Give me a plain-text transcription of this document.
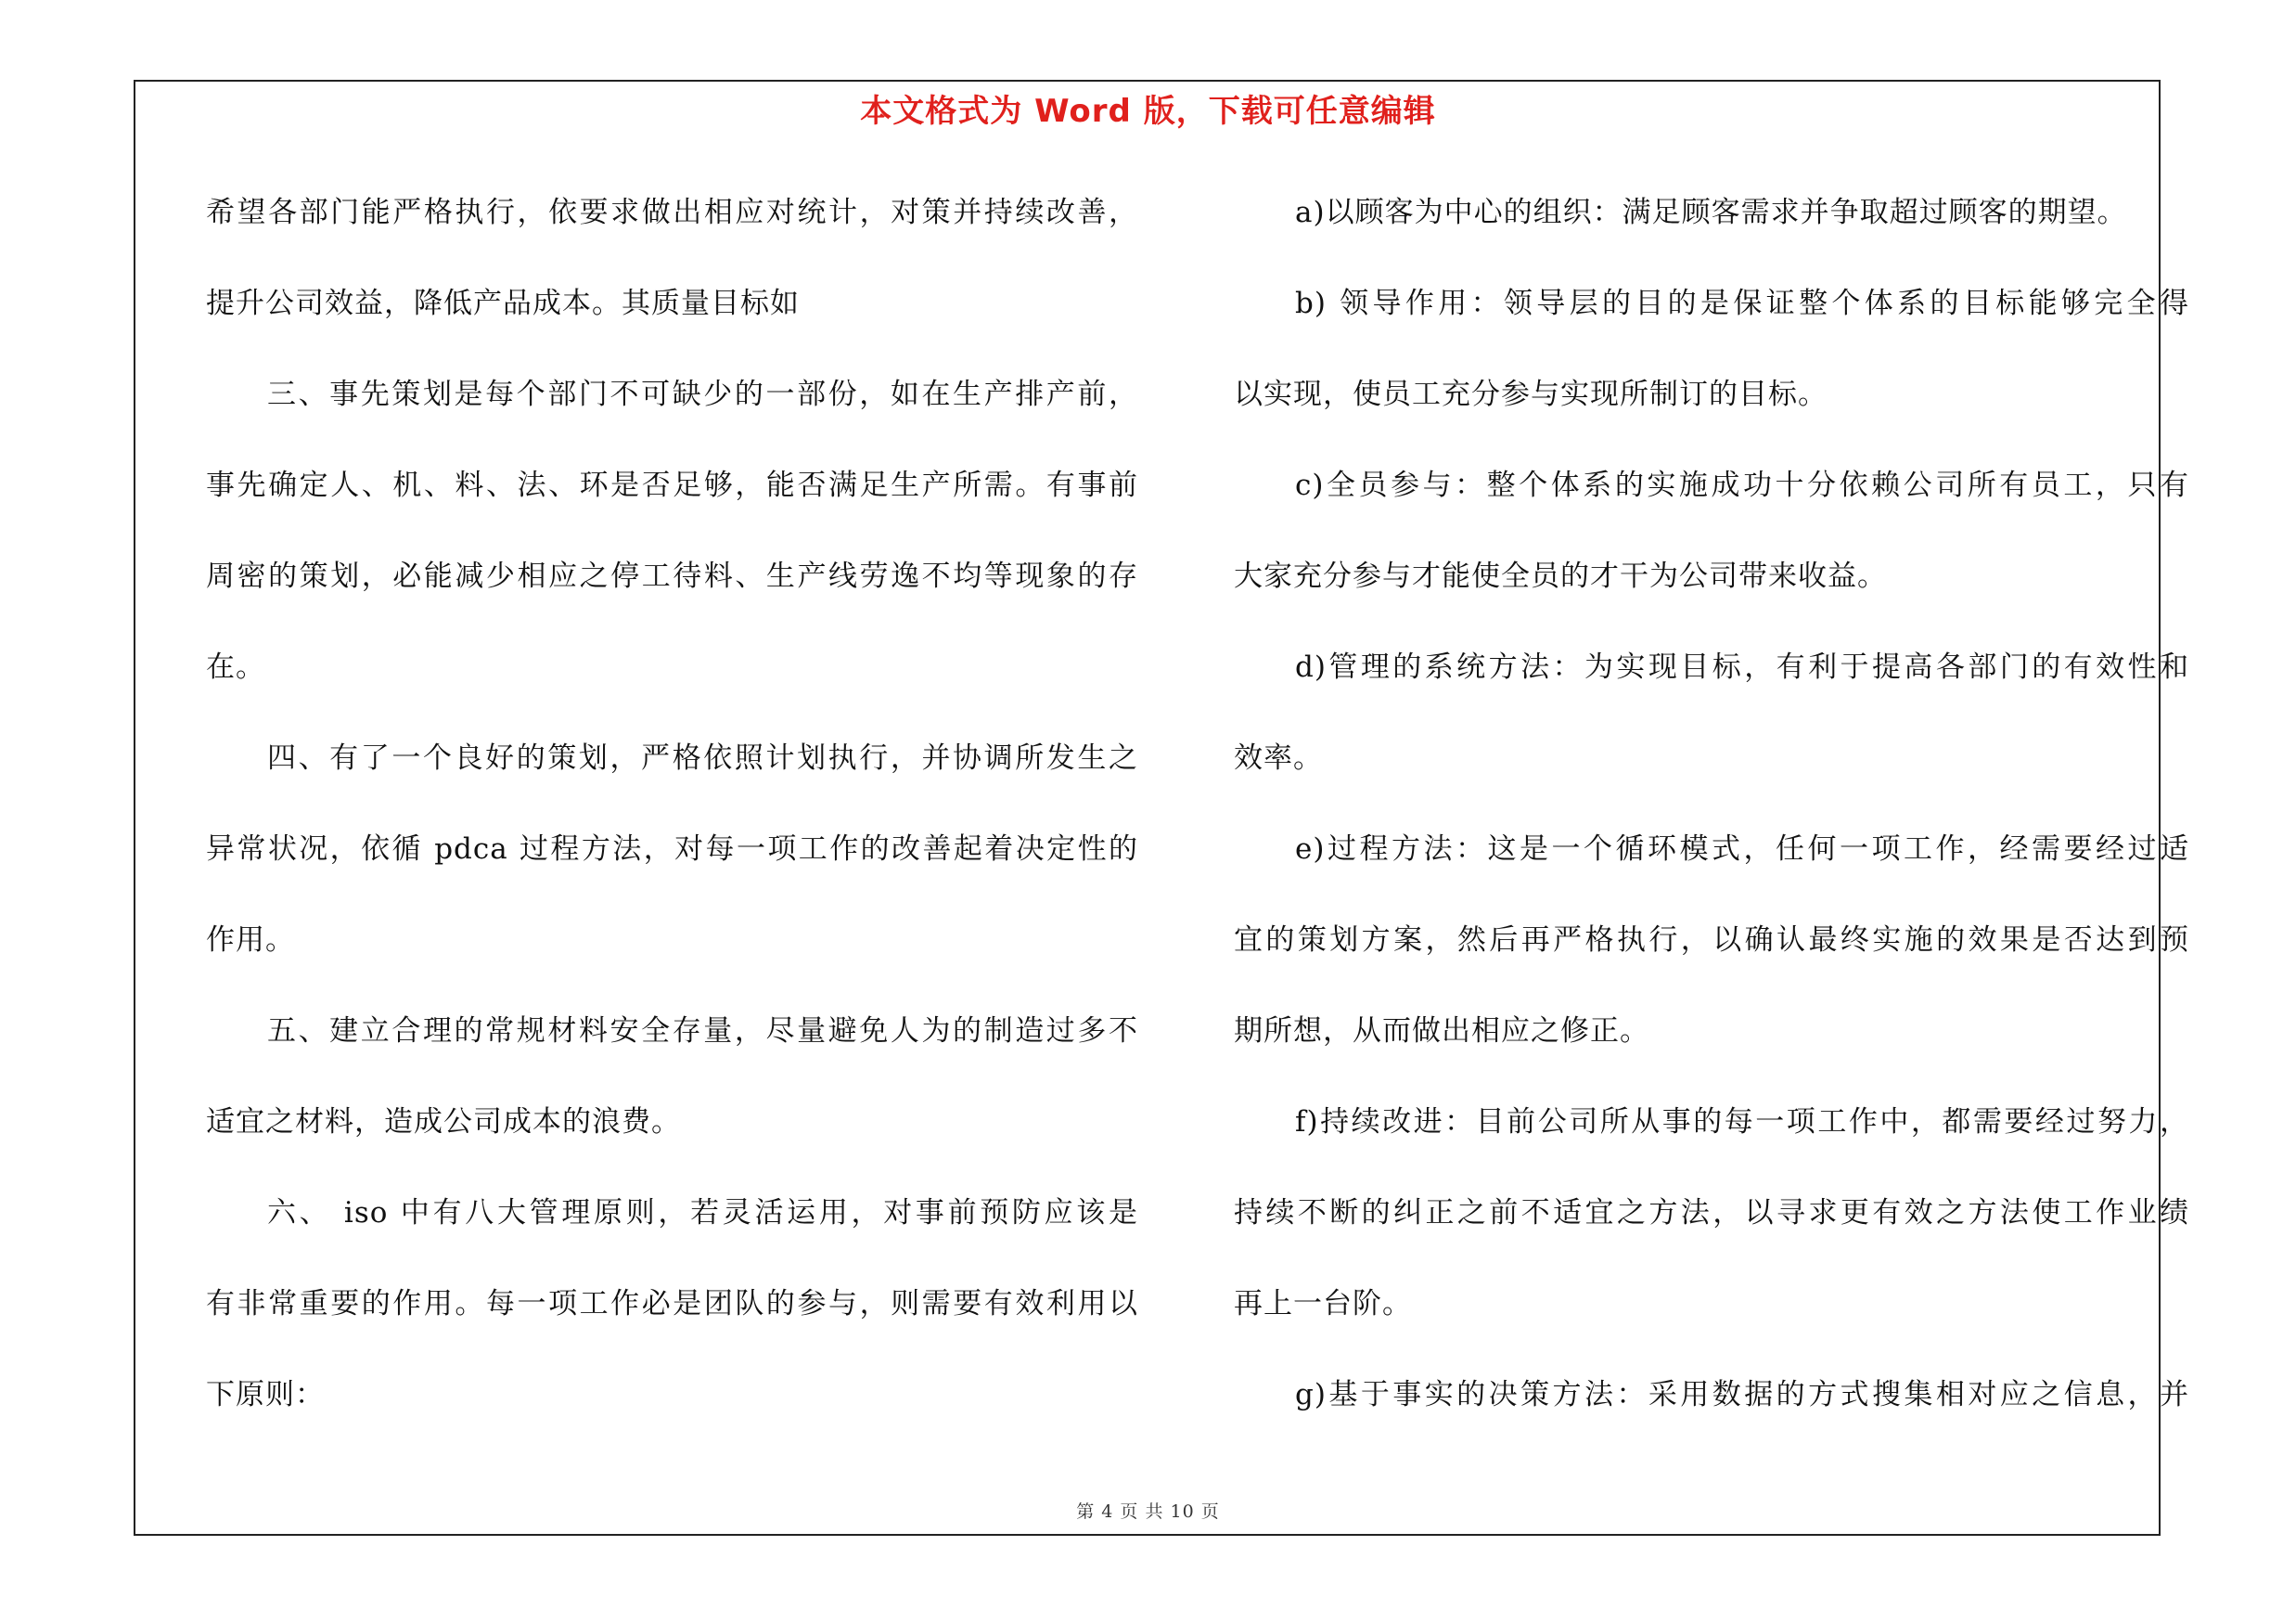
本文格式为 Word 版，下载可任意编辑
希望各部门能严格执行，依要求做出相应对统计，对策并持续改善，
提升公司效益，降低产品成本。其质量目标如
三、事先策划是每个部门不可缺少的一部份，如在生产排产前，
事先确定人、机、料、法、环是否足够，能否满足生产所需。有事前
周密的策划，必能减少相应之停工待料、生产线劳逸不均等现象的存
在。
四、有了一个良好的策划，严格依照计划执行，并协调所发生之
异常状况，依循 pdca 过程方法，对每一项工作的改善起着决定性的
作用。
五、建立合理的常规材料安全存量，尽量避免人为的制造过多不
适宜之材料，造成公司成本的浪费。
六、 iso 中有八大管理原则，若灵活运用，对事前预防应该是
有非常重要的作用。每一项工作必是团队的参与，则需要有效利用以
下原则：
a)以顾客为中心的组织：满足顾客需求并争取超过顾客的期望。
b) 领导作用：领导层的目的是保证整个体系的目标能够完全得
以实现，使员工充分参与实现所制订的目标。
c)全员参与：整个体系的实施成功十分依赖公司所有员工，只有
大家充分参与才能使全员的才干为公司带来收益。
d)管理的系统方法：为实现目标，有利于提高各部门的有效性和
效率。
e)过程方法：这是一个循环模式，任何一项工作，经需要经过适
宜的策划方案，然后再严格执行，以确认最终实施的效果是否达到预
期所想，从而做出相应之修正。
f)持续改进：目前公司所从事的每一项工作中，都需要经过努力，
持续不断的纠正之前不适宜之方法，以寻求更有效之方法使工作业绩
再上一台阶。
g)基于事实的决策方法：采用数据的方式搜集相对应之信息，并
第 4 页 共 10 页
